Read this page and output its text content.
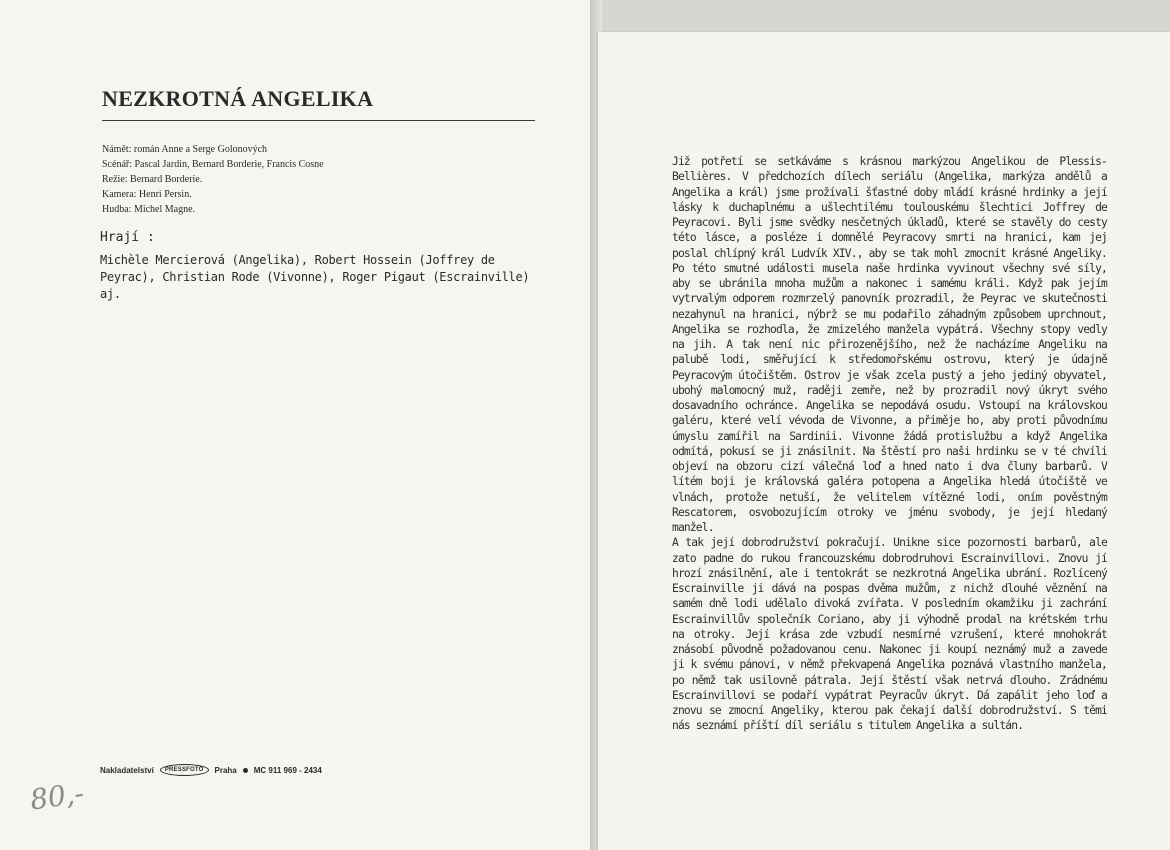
NEZKROTNÁ ANGELIKA
Námět: román Anne a Serge Golonových
Scénář: Pascal Jardin, Bernard Borderie, Francis Cosne
Režie: Bernard Borderie.
Kamera: Henri Persin.
Hudba: Michel Magne.
Hrají :
Michèle Mercierová (Angelika), Robert Hossein (Joffrey de Peyrac), Christian Rode (Vivonne), Roger Pigaut (Escrainville) aj.
Nakladatelství	PRESSFOTO	Praha MC 911 969 - 2434
80,-

Již potřetí se setkáváme s krásnou markýzou Angelikou de Plessis-Bellières. V předchozích dílech seriálu (Angelika, markýza andělů a Angelika a král) jsme prožívali šťastné doby mládí krásné hrdinky a její lásky k duchaplnému a ušlechtilému toulouskému šlechtici Joffrey de Peyracovi. Byli jsme svědky nesčetných úkladů, které se stavěly do cesty této lásce, a posléze i domnělé Peyracovy smrti na hranici, kam jej poslal chlípný král Ludvík XIV., aby se tak mohl zmocnit krásné Angeliky. Po této smutné události musela naše hrdinka vyvinout všechny své síly, aby se ubránila mnoha mužům a nakonec i samému králi. Když pak jejím vytrvalým odporem rozmrzelý panovník prozradil, že Peyrac ve skutečnosti nezahynul na hranici, nýbrž se mu podařilo záhadným způsobem uprchnout, Angelika se rozhodla, že zmizelého manžela vypátrá. Všechny stopy vedly na jih. A tak není nic přirozenějšího, než že nacházíme Angeliku na palubě lodi, směřující k středomořskému ostrovu, který je údajně Peyracovým útočištěm. Ostrov je však zcela pustý a jeho jediný obyvatel, ubohý malomocný muž, raději zemře, než by prozradil nový úkryt svého dosavadního ochránce. Angelika se nepodává osudu. Vstoupí na královskou galéru, které velí vévoda de Vivonne, a přiměje ho, aby proti původnímu úmyslu zamířil na Sardinii. Vivonne žádá protislužbu a když Angelika odmítá, pokusí se ji znásilnit. Na štěstí pro naši hrdinku se v té chvíli objeví na obzoru cizí válečná loď a hned nato i dva čluny barbarů. V lítém boji je královská galéra potopena a Angelika hledá útočiště ve vlnách, protože netuší, že velitelem vítězné lodi, oním pověstným Rescatorem, osvobozujícím otroky ve jménu svobody, je její hledaný manžel.

A tak její dobrodružství pokračují. Unikne sice pozornosti barbarů, ale zato padne do rukou francouzskému dobrodruhovi Escrainvillovi. Znovu jí hrozí znásilnění, ale i tentokrát se nezkrotná Angelika ubrání. Rozlícený Escrainville ji dává na pospas dvěma mužům, z nichž dlouhé věznění na samém dně lodi udělalo divoká zvířata. V posledním okamžiku ji zachrání Escrainvillův společník Coriano, aby ji výhodně prodal na krétském trhu na otroky. Její krása zde vzbudí nesmírné vzrušení, které mnohokrát znásobí původně požadovanou cenu. Nakonec ji koupí neznámý muž a zavede ji k svému pánovi, v němž překvapená Angelika poznává vlastního manžela, po němž tak usilovně pátrala. Její štěstí však netrvá dlouho. Zrádnému Escrainvillovi se podaří vypátrat Peyracův úkryt. Dá zapálit jeho loď a znovu se zmocní Angeliky, kterou pak čekají další dobrodružství. S těmi nás seznámí příští díl seriálu s titulem Angelika a sultán.
